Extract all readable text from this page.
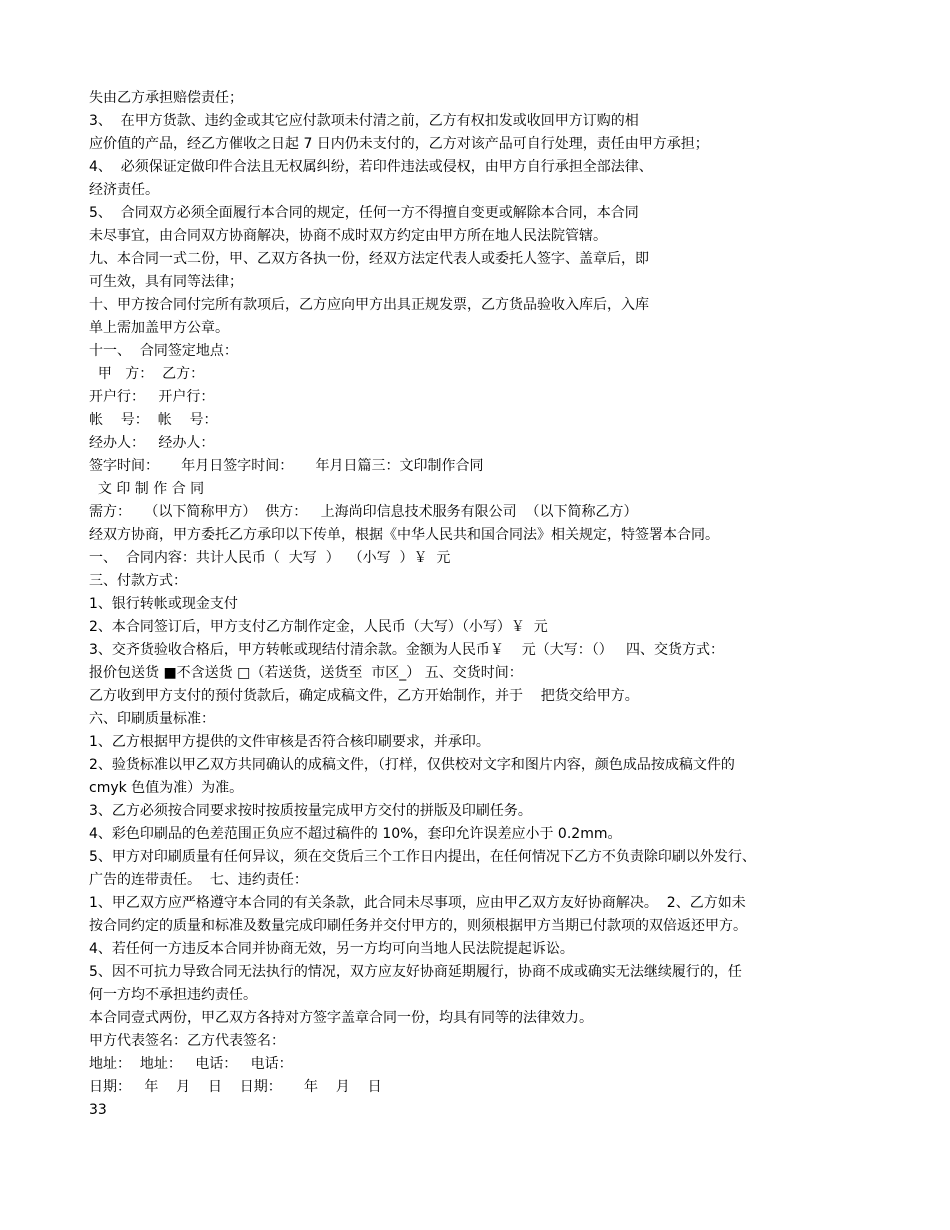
失由乙方承担赔偿责任；
3、  在甲方货款、违约金或其它应付款项未付清之前，乙方有权扣发或收回甲方订购的相
应价值的产品，经乙方催收之日起 7 日内仍未支付的，乙方对该产品可自行处理，责任由甲方承担；
4、  必须保证定做印件合法且无权属纠纷，若印件违法或侵权，由甲方自行承担全部法律、
经济责任。
5、  合同双方必须全面履行本合同的规定，任何一方不得擅自变更或解除本合同，本合同
未尽事宜，由合同双方协商解决，协商不成时双方约定由甲方所在地人民法院管辖。
九、本合同一式二份，甲、乙双方各执一份，经双方法定代表人或委托人签字、盖章后，即
可生效，具有同等法律；
十、甲方按合同付完所有款项后，乙方应向甲方出具正规发票，乙方货品验收入库后，入库
单上需加盖甲方公章。
十一、  合同签定地点：
甲   方：  乙方：
开户行：   开户行：
帐    号：  帐    号：
经办人：   经办人：
签字时间：     年月日签字时间：     年月日篇三：文印制作合同
文 印 制 作 合 同
需方：   （以下简称甲方）  供方：   上海尚印信息技术服务有限公司  （以下简称乙方）
经双方协商，甲方委托乙方承印以下传单，根据《中华人民共和国合同法》相关规定，特签署本合同。
一、  合同内容：共计人民币（  大写  ）  （小写  ）￥  元
三、付款方式：
1、银行转帐或现金支付
2、本合同签订后，甲方支付乙方制作定金，人民币（大写）（小写）￥  元
3、交齐货验收合格后，甲方转帐或现结付清余款。金额为人民币￥    元（大写：（）   四、交货方式：
报价包送货 ■不含送货 □（若送货，送货至  市区_） 五、交货时间：
乙方收到甲方支付的预付货款后，确定成稿文件，乙方开始制作，并于    把货交给甲方。
六、印刷质量标准：
1、乙方根据甲方提供的文件审核是否符合核印刷要求，并承印。
2、验货标准以甲乙双方共同确认的成稿文件，（打样，仅供校对文字和图片内容，颜色成品按成稿文件的
cmyk 色值为准）为准。
3、乙方必须按合同要求按时按质按量完成甲方交付的拼版及印刷任务。
4、彩色印刷品的色差范围正负应不超过稿件的 10%，套印允许误差应小于 0.2mm。
5、甲方对印刷质量有任何异议，须在交货后三个工作日内提出，在任何情况下乙方不负责除印刷以外发行、
广告的连带责任。  七、违约责任：
1、甲乙双方应严格遵守本合同的有关条款，此合同未尽事项，应由甲乙双方友好协商解决。  2、乙方如未
按合同约定的质量和标准及数量完成印刷任务并交付甲方的，则须根据甲方当期已付款项的双倍返还甲方。
4、若任何一方违反本合同并协商无效，另一方均可向当地人民法院提起诉讼。
5、因不可抗力导致合同无法执行的情况，双方应友好协商延期履行，协商不成或确实无法继续履行的，任
何一方均不承担违约责任。
本合同壹式两份，甲乙双方各持对方签字盖章合同一份，均具有同等的法律效力。
甲方代表签名：乙方代表签名：
地址：  地址：   电话：   电话：
日期：   年    月    日    日期：     年    月    日
33
